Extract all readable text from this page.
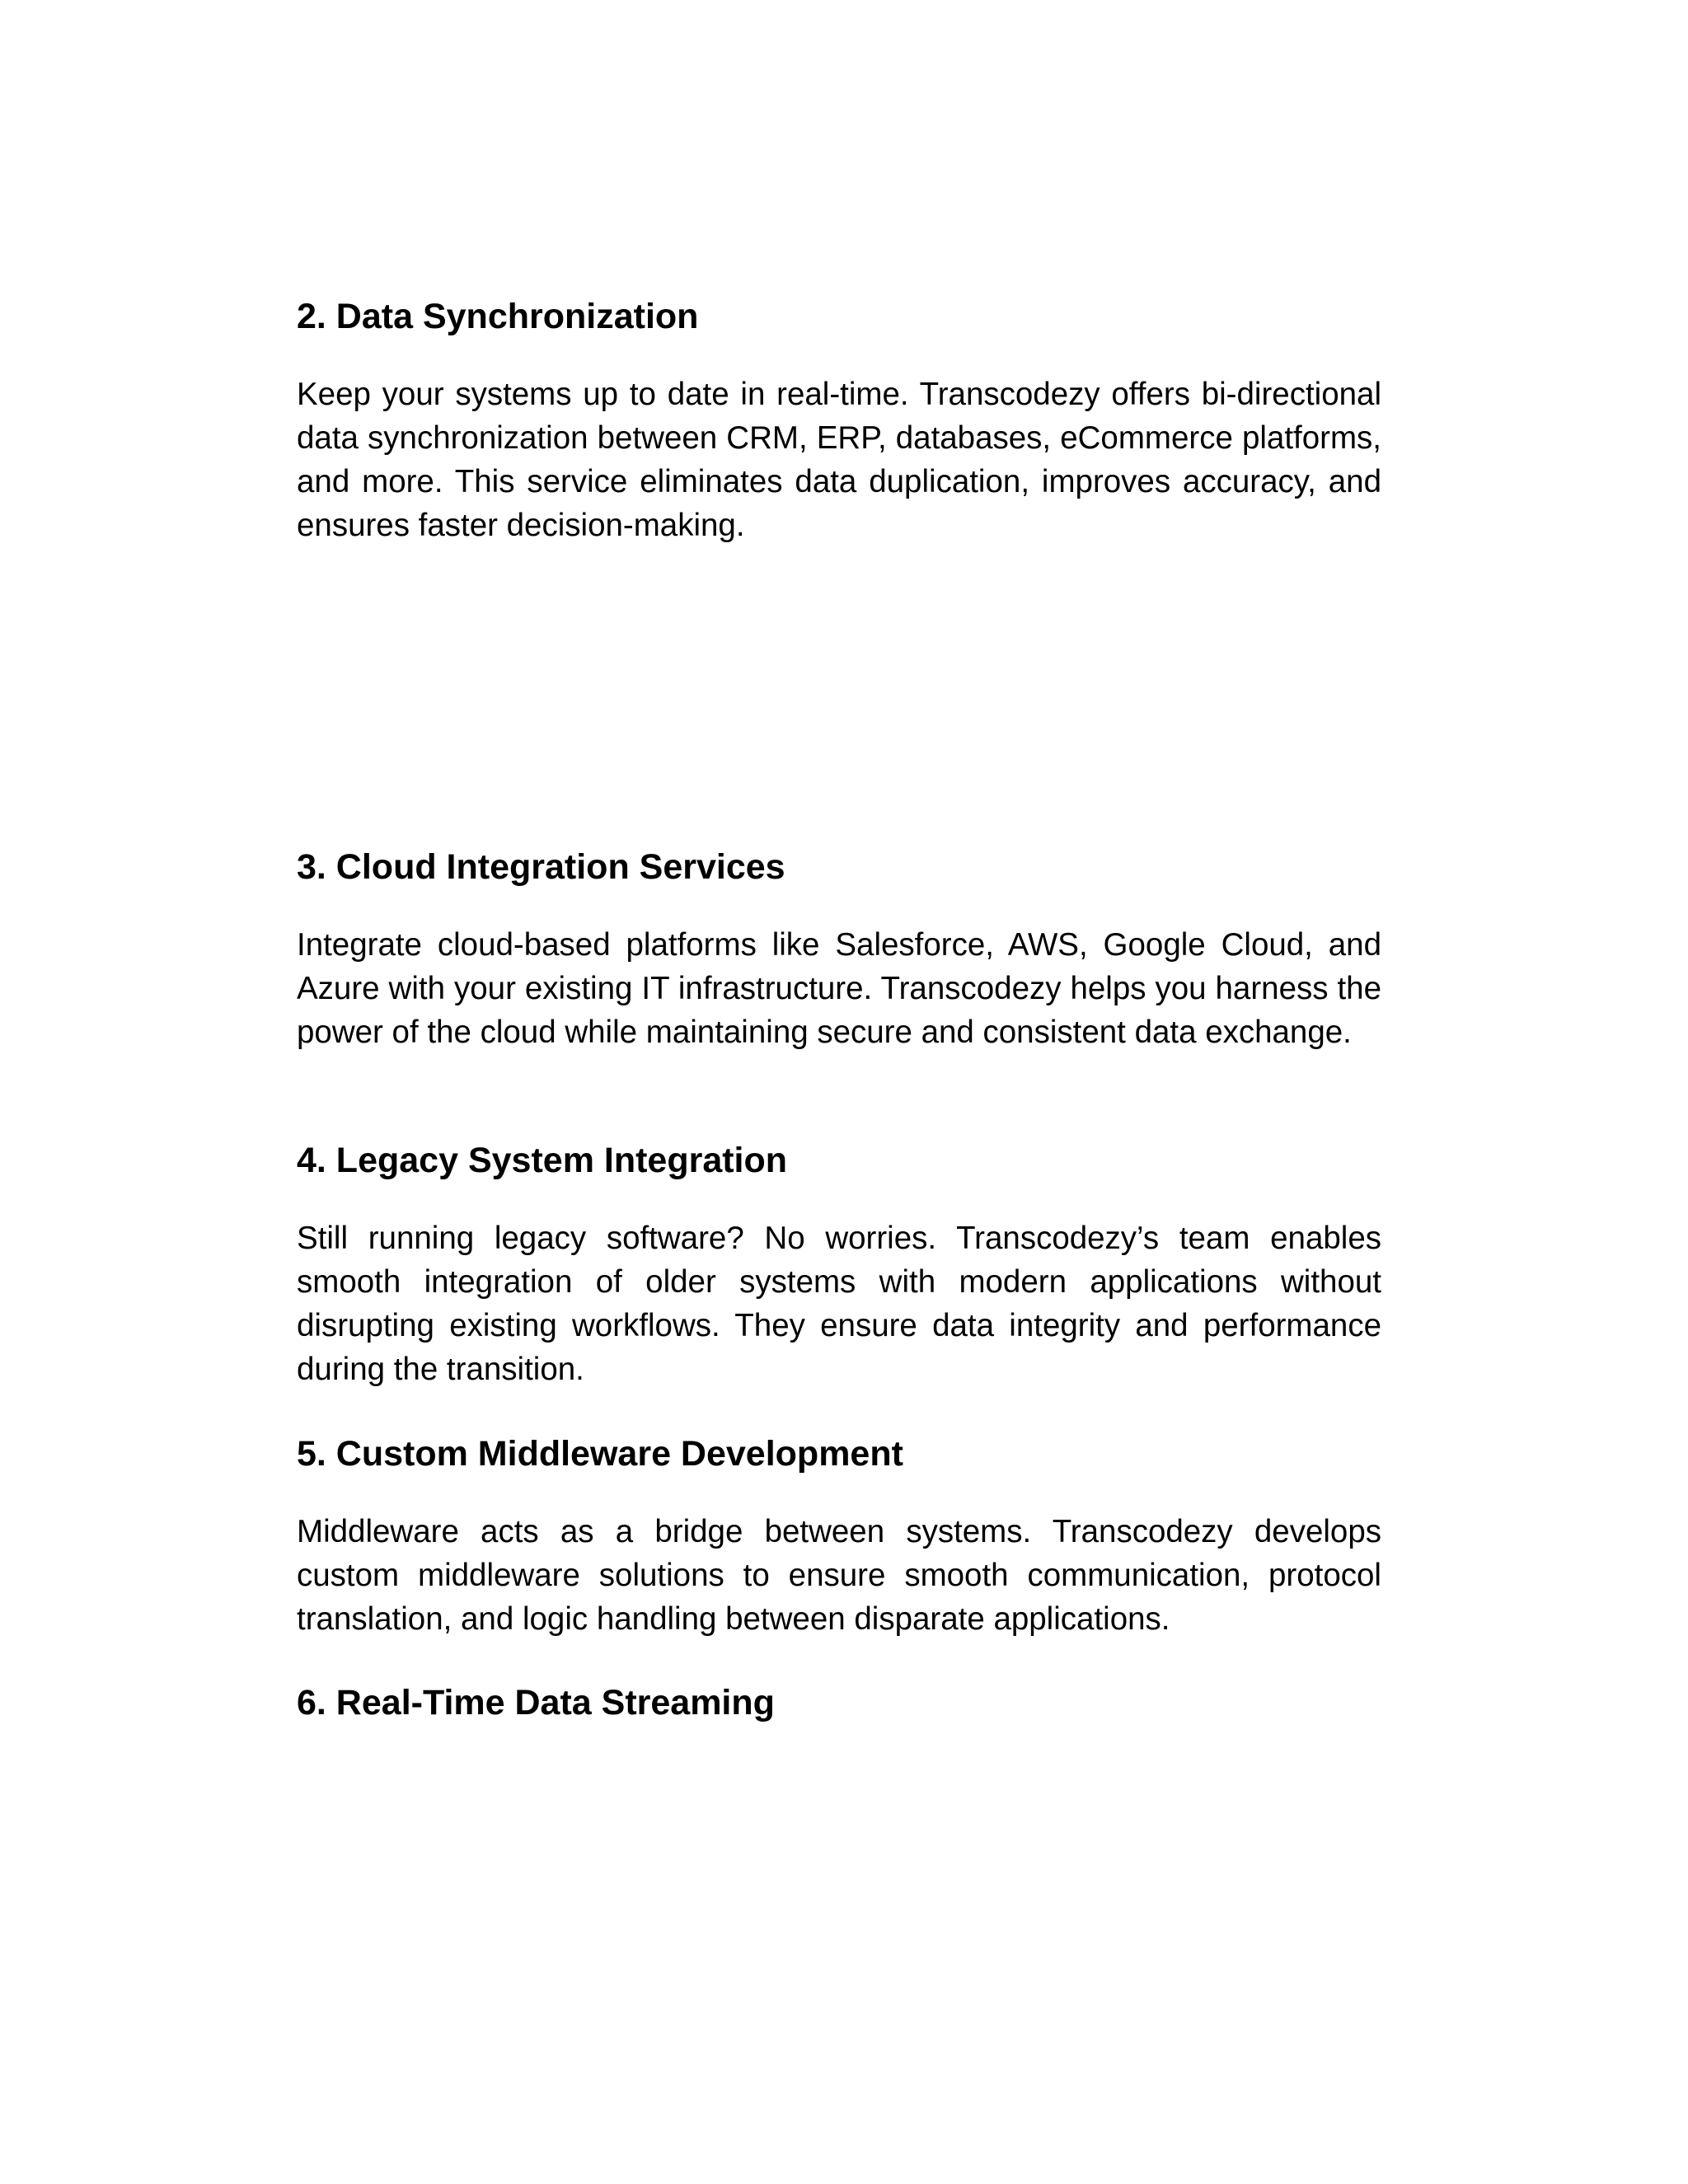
2. Data Synchronization

Keep your systems up to date in real-time. Transcodezy offers bi-directional data synchronization between CRM, ERP, databases, eCommerce platforms, and more. This service eliminates data duplication, improves accuracy, and ensures faster decision-making.

3. Cloud Integration Services

Integrate cloud-based platforms like Salesforce, AWS, Google Cloud, and Azure with your existing IT infrastructure. Transcodezy helps you harness the power of the cloud while maintaining secure and consistent data exchange.

4. Legacy System Integration

Still running legacy software? No worries. Transcodezy’s team enables smooth integration of older systems with modern applications without disrupting existing workflows. They ensure data integrity and performance during the transition.

5. Custom Middleware Development

Middleware acts as a bridge between systems. Transcodezy develops custom middleware solutions to ensure smooth communication, protocol translation, and logic handling between disparate applications.

6. Real-Time Data Streaming
